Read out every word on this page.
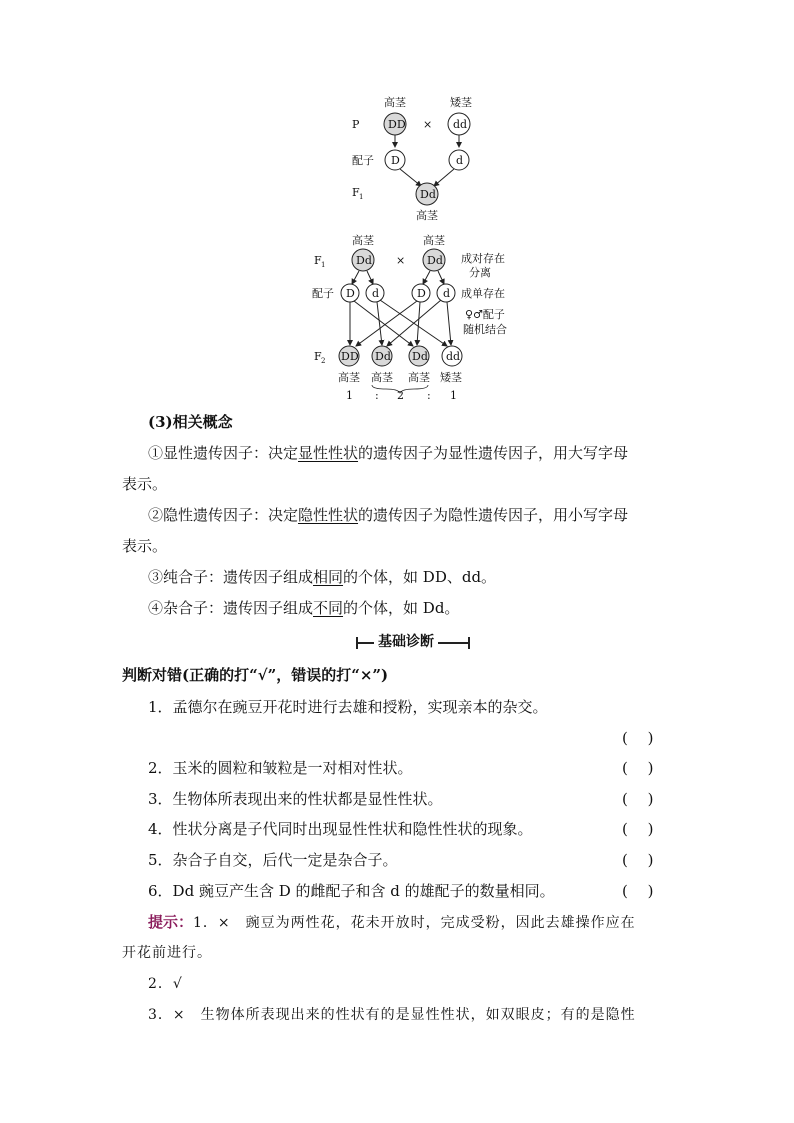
P
高茎	矮茎
DD × dd
配子 D	d
F 1	Dd
高茎
高茎	高茎
F 1	Dd × Dd 成对存在
分离
配子 D d	D d 成单存在
♀♂配子
随机结合
F 2 DD Dd Dd dd
高茎 高茎 高茎 矮茎
1 : 2 : 1
(3)相关概念
①显性遗传因子：决定显性性状的遗传因子为显性遗传因子，用大写字母
表示。
②隐性遗传因子：决定隐性性状的遗传因子为隐性遗传因子，用小写字母
表示。
③纯合子：遗传因子组成相同的个体，如 DD、dd。
④杂合子：遗传因子组成不同的个体，如 Dd。
基础诊断
判断对错(正确的打“√”，错误的打“×”)
1．孟德尔在豌豆开花时进行去雄和授粉，实现亲本的杂交。
(　 )
2．玉米的圆粒和皱粒是一对相对性状。	(　 )
3．生物体所表现出来的性状都是显性性状。	(　 )
4．性状分离是子代同时出现显性性状和隐性性状的现象。	(　 )
5．杂合子自交，后代一定是杂合子。	(　 )
6．Dd 豌豆产生含 D 的雌配子和含 d 的雄配子的数量相同。	(　 )
提示：1．×　豌豆为两性花，花未开放时，完成受粉，因此去雄操作应在
开花前进行。
2．√
3．×　生物体所表现出来的性状有的是显性性状，如双眼皮；有的是隐性
